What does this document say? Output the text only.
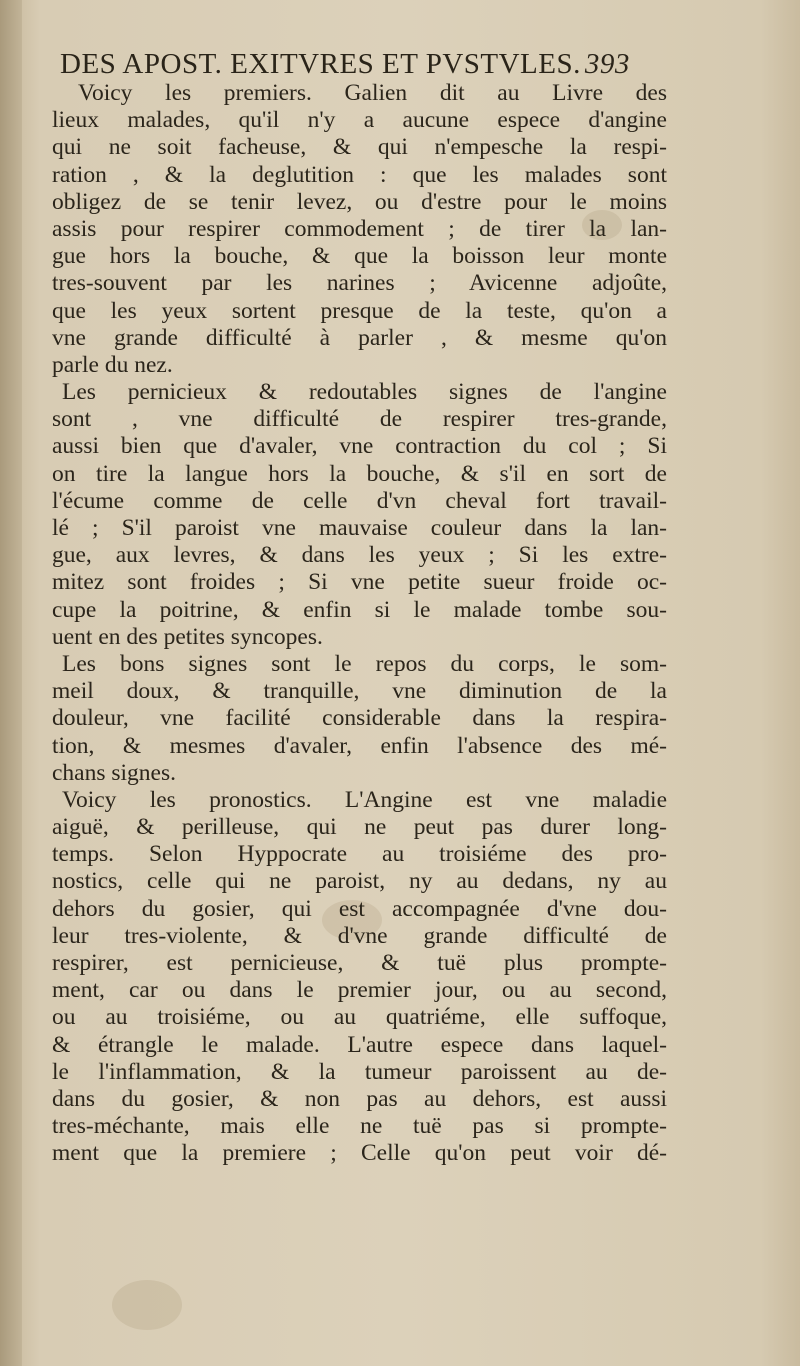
DES APOST. EXITVRES ET PVSTVLES. 393
Voicy les premiers. Galien dit au Livre des
lieux malades, qu'il n'y a aucune espece d'angine
qui ne soit facheuse, & qui n'empesche la respi-
ration , & la deglutition : que les malades sont
obligez de se tenir levez, ou d'estre pour le moins
assis pour respirer commodement ; de tirer la lan-
gue hors la bouche, & que la boisson leur monte
tres-souvent par les narines ; Avicenne adjoûte,
que les yeux sortent presque de la teste, qu'on a
vne grande difficulté à parler , & mesme qu'on
parle du nez.
Les pernicieux & redoutables signes de l'angine
sont , vne difficulté de respirer tres-grande,
aussi bien que d'avaler, vne contraction du col ; Si
on tire la langue hors la bouche, & s'il en sort de
l'écume comme de celle d'vn cheval fort travail-
lé ; S'il paroist vne mauvaise couleur dans la lan-
gue, aux levres, & dans les yeux ; Si les extre-
mitez sont froides ; Si vne petite sueur froide oc-
cupe la poitrine, & enfin si le malade tombe sou-
uent en des petites syncopes.
Les bons signes sont le repos du corps, le som-
meil doux, & tranquille, vne diminution de la
douleur, vne facilité considerable dans la respira-
tion, & mesmes d'avaler, enfin l'absence des mé-
chans signes.
Voicy les pronostics. L'Angine est vne maladie
aiguë, & perilleuse, qui ne peut pas durer long-
temps. Selon Hyppocrate au troisiéme des pro-
nostics, celle qui ne paroist, ny au dedans, ny au
dehors du gosier, qui est accompagnée d'vne dou-
leur tres-violente, & d'vne grande difficulté de
respirer, est pernicieuse, & tuë plus prompte-
ment, car ou dans le premier jour, ou au second,
ou au troisiéme, ou au quatriéme, elle suffoque,
& étrangle le malade. L'autre espece dans laquel-
le l'inflammation, & la tumeur paroissent au de-
dans du gosier, & non pas au dehors, est aussi
tres-méchante, mais elle ne tuë pas si prompte-
ment que la premiere ; Celle qu'on peut voir dé-
